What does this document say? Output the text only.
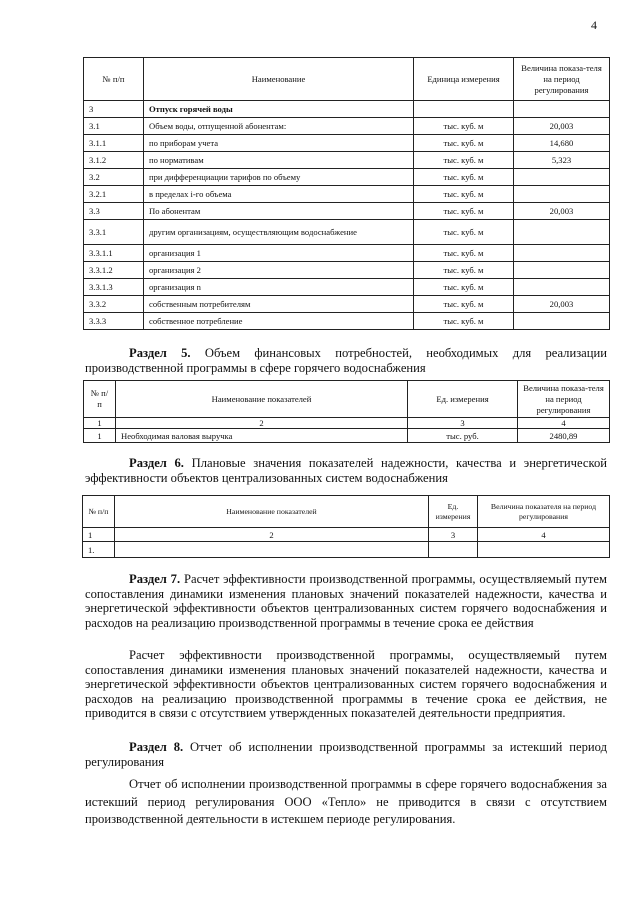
4
№ п/п	Наименование	Единица измерения	Величина показа-теля на период регулирования
3	Отпуск горячей воды		
3.1	Объем воды, отпущенной абонентам:	тыс. куб. м	20,003
3.1.1	по приборам учета	тыс. куб. м	14,680
3.1.2	по нормативам	тыс. куб. м	5,323
3.2	при дифференциации тарифов по объему	тыс. куб. м	
3.2.1	в пределах i-го объема	тыс. куб. м	
3.3	По абонентам	тыс. куб. м	20,003
3.3.1	другим организациям, осуществляющим водоснабжение	тыс. куб. м	
3.3.1.1	организация 1	тыс. куб. м	
3.3.1.2	организация 2	тыс. куб. м	
3.3.1.3	организация n	тыс. куб. м	
3.3.2	собственным потребителям	тыс. куб. м	20,003
3.3.3	собственное потребление	тыс. куб. м	
Раздел 5. Объем финансовых потребностей, необходимых для реализации производственной программы в сфере горячего водоснабжения
№ п/п	Наименование показателей	Ед. измерения	Величина показа-теля на период регулирования
1	2	3	4
1	Необходимая валовая выручка	тыс. руб.	2480,89
Раздел 6. Плановые значения показателей надежности, качества и энергетической эффективности объектов централизованных систем водоснабжения
№ п/п	Наименование показателей	Ед. измерения	Величина показателя на период регулирования
1	2	3	4
1.			
Раздел 7. Расчет эффективности производственной программы, осуществляемый путем сопоставления динамики изменения плановых значений показателей надежности, качества и энергетической эффективности объектов централизованных систем горячего водоснабжения и расходов на реализацию производственной программы в течение срока ее действия
Расчет эффективности производственной программы, осуществляемый путем сопоставления динамики изменения плановых значений показателей надежности, качества и энергетической эффективности объектов централизованных систем горячего водоснабжения и расходов на реализацию производственной программы в течение срока ее действия, не приводится в связи с отсутствием утвержденных показателей деятельности предприятия.
Раздел 8. Отчет об исполнении производственной программы за истекший период регулирования
Отчет об исполнении производственной программы в сфере горячего водоснабжения за истекший период регулирования ООО «Тепло» не приводится в связи с отсутствием производственной деятельности в истекшем периоде регулирования.
